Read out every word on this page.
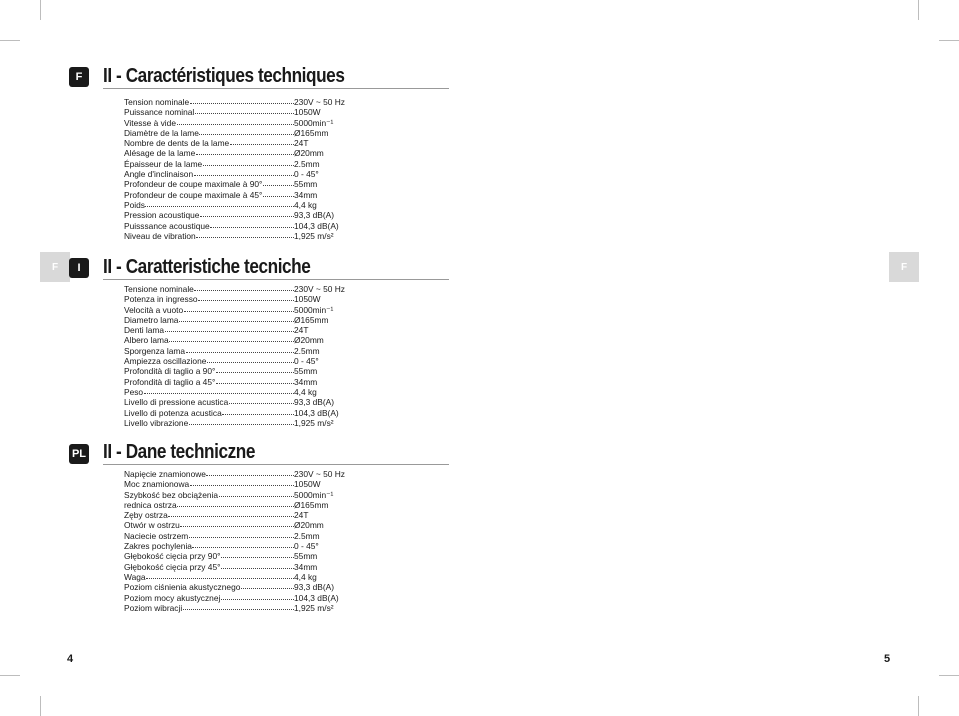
F	F
F
I
PL
II - Caractéristiques techniques
Tension nominale	230V ~ 50 Hz
Puissance nominal	1050W
Vitesse à vide	5000min⁻¹
Diamètre de la lame	Ø165mm
Nombre de dents de la lame	24T
Alésage de la lame	Ø20mm
Épaisseur de la lame	2.5mm
Angle d'inclinaison	0 - 45°
Profondeur de coupe maximale à 90°	55mm
Profondeur de coupe maximale à 45°	34mm
Poids	4,4 kg
Pression acoustique	93,3 dB(A)
Puisssance acoustique	104,3 dB(A)
Niveau de vibration	1,925 m/s²
II - Caratteristiche tecniche
Tensione nominale	230V ~ 50 Hz
Potenza in ingresso	1050W
Velocità a vuoto	5000min⁻¹
Diametro lama	Ø165mm
Denti lama	24T
Albero lama	Ø20mm
Sporgenza lama	2.5mm
Ampiezza oscillazione	0 - 45°
Profondità di taglio a 90°	55mm
Profondità di taglio a 45°	34mm
Peso	4,4 kg
Livello di pressione acustica	93,3 dB(A)
Livello di potenza acustica	104,3 dB(A)
Livello vibrazione	1,925 m/s²
II - Dane techniczne
Napięcie znamionowe	230V ~ 50 Hz
Moc znamionowa	1050W
Szybkość bez obciążenia	5000min⁻¹
rednica ostrza	Ø165mm
Zęby ostrza	24T
Otwór w ostrzu	Ø20mm
Naciecie ostrzem	2.5mm
Zakres pochylenia	0 - 45°
Głębokość cięcia przy 90°	55mm
Głębokość cięcia przy 45°	34mm
Waga	4,4 kg
Poziom ciśnienia akustycznego	93,3 dB(A)
Poziom mocy akustycznej	104,3 dB(A)
Poziom wibracji	1,925 m/s²
4	5
